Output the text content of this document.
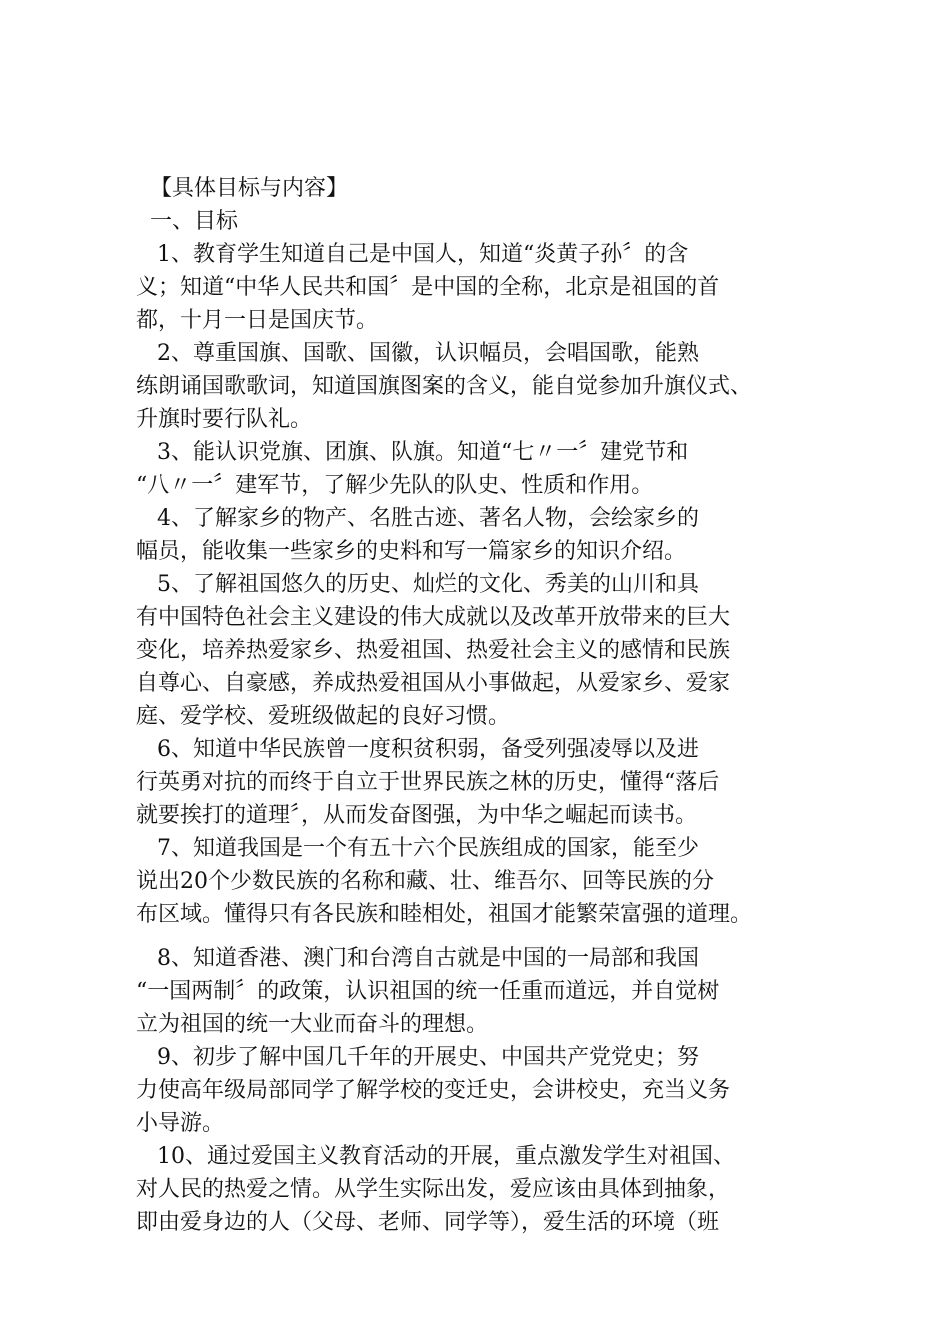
【具体目标与内容】
一、目标
1、教育学生知道自己是中国人，知道“炎黄子孙〞的含
义；知道“中华人民共和国〞是中国的全称，北京是祖国的首
都，十月一日是国庆节。
2、尊重国旗、国歌、国徽，认识幅员，会唱国歌，能熟
练朗诵国歌歌词，知道国旗图案的含义，能自觉参加升旗仪式、
升旗时要行队礼。
3、能认识党旗、团旗、队旗。知道“七〃一〞建党节和
“八〃一〞建军节，了解少先队的队史、性质和作用。
4、了解家乡的物产、名胜古迹、著名人物，会绘家乡的
幅员，能收集一些家乡的史料和写一篇家乡的知识介绍。
5、了解祖国悠久的历史、灿烂的文化、秀美的山川和具
有中国特色社会主义建设的伟大成就以及改革开放带来的巨大
变化，培养热爱家乡、热爱祖国、热爱社会主义的感情和民族
自尊心、自豪感，养成热爱祖国从小事做起，从爱家乡、爱家
庭、爱学校、爱班级做起的良好习惯。
6、知道中华民族曾一度积贫积弱，备受列强凌辱以及进
行英勇对抗的而终于自立于世界民族之林的历史，懂得“落后
就要挨打的道理〞，从而发奋图强，为中华之崛起而读书。
7、知道我国是一个有五十六个民族组成的国家，能至少
说出20个少数民族的名称和藏、壮、维吾尔、回等民族的分
布区域。懂得只有各民族和睦相处，祖国才能繁荣富强的道理。
8、知道香港、澳门和台湾自古就是中国的一局部和我国
“一国两制〞的政策，认识祖国的统一任重而道远，并自觉树
立为祖国的统一大业而奋斗的理想。
9、初步了解中国几千年的开展史、中国共产党党史；努
力使高年级局部同学了解学校的变迁史，会讲校史，充当义务
小导游。
10、通过爱国主义教育活动的开展，重点激发学生对祖国、
对人民的热爱之情。从学生实际出发，爱应该由具体到抽象，
即由爱身边的人（父母、老师、同学等），爱生活的环境（班
